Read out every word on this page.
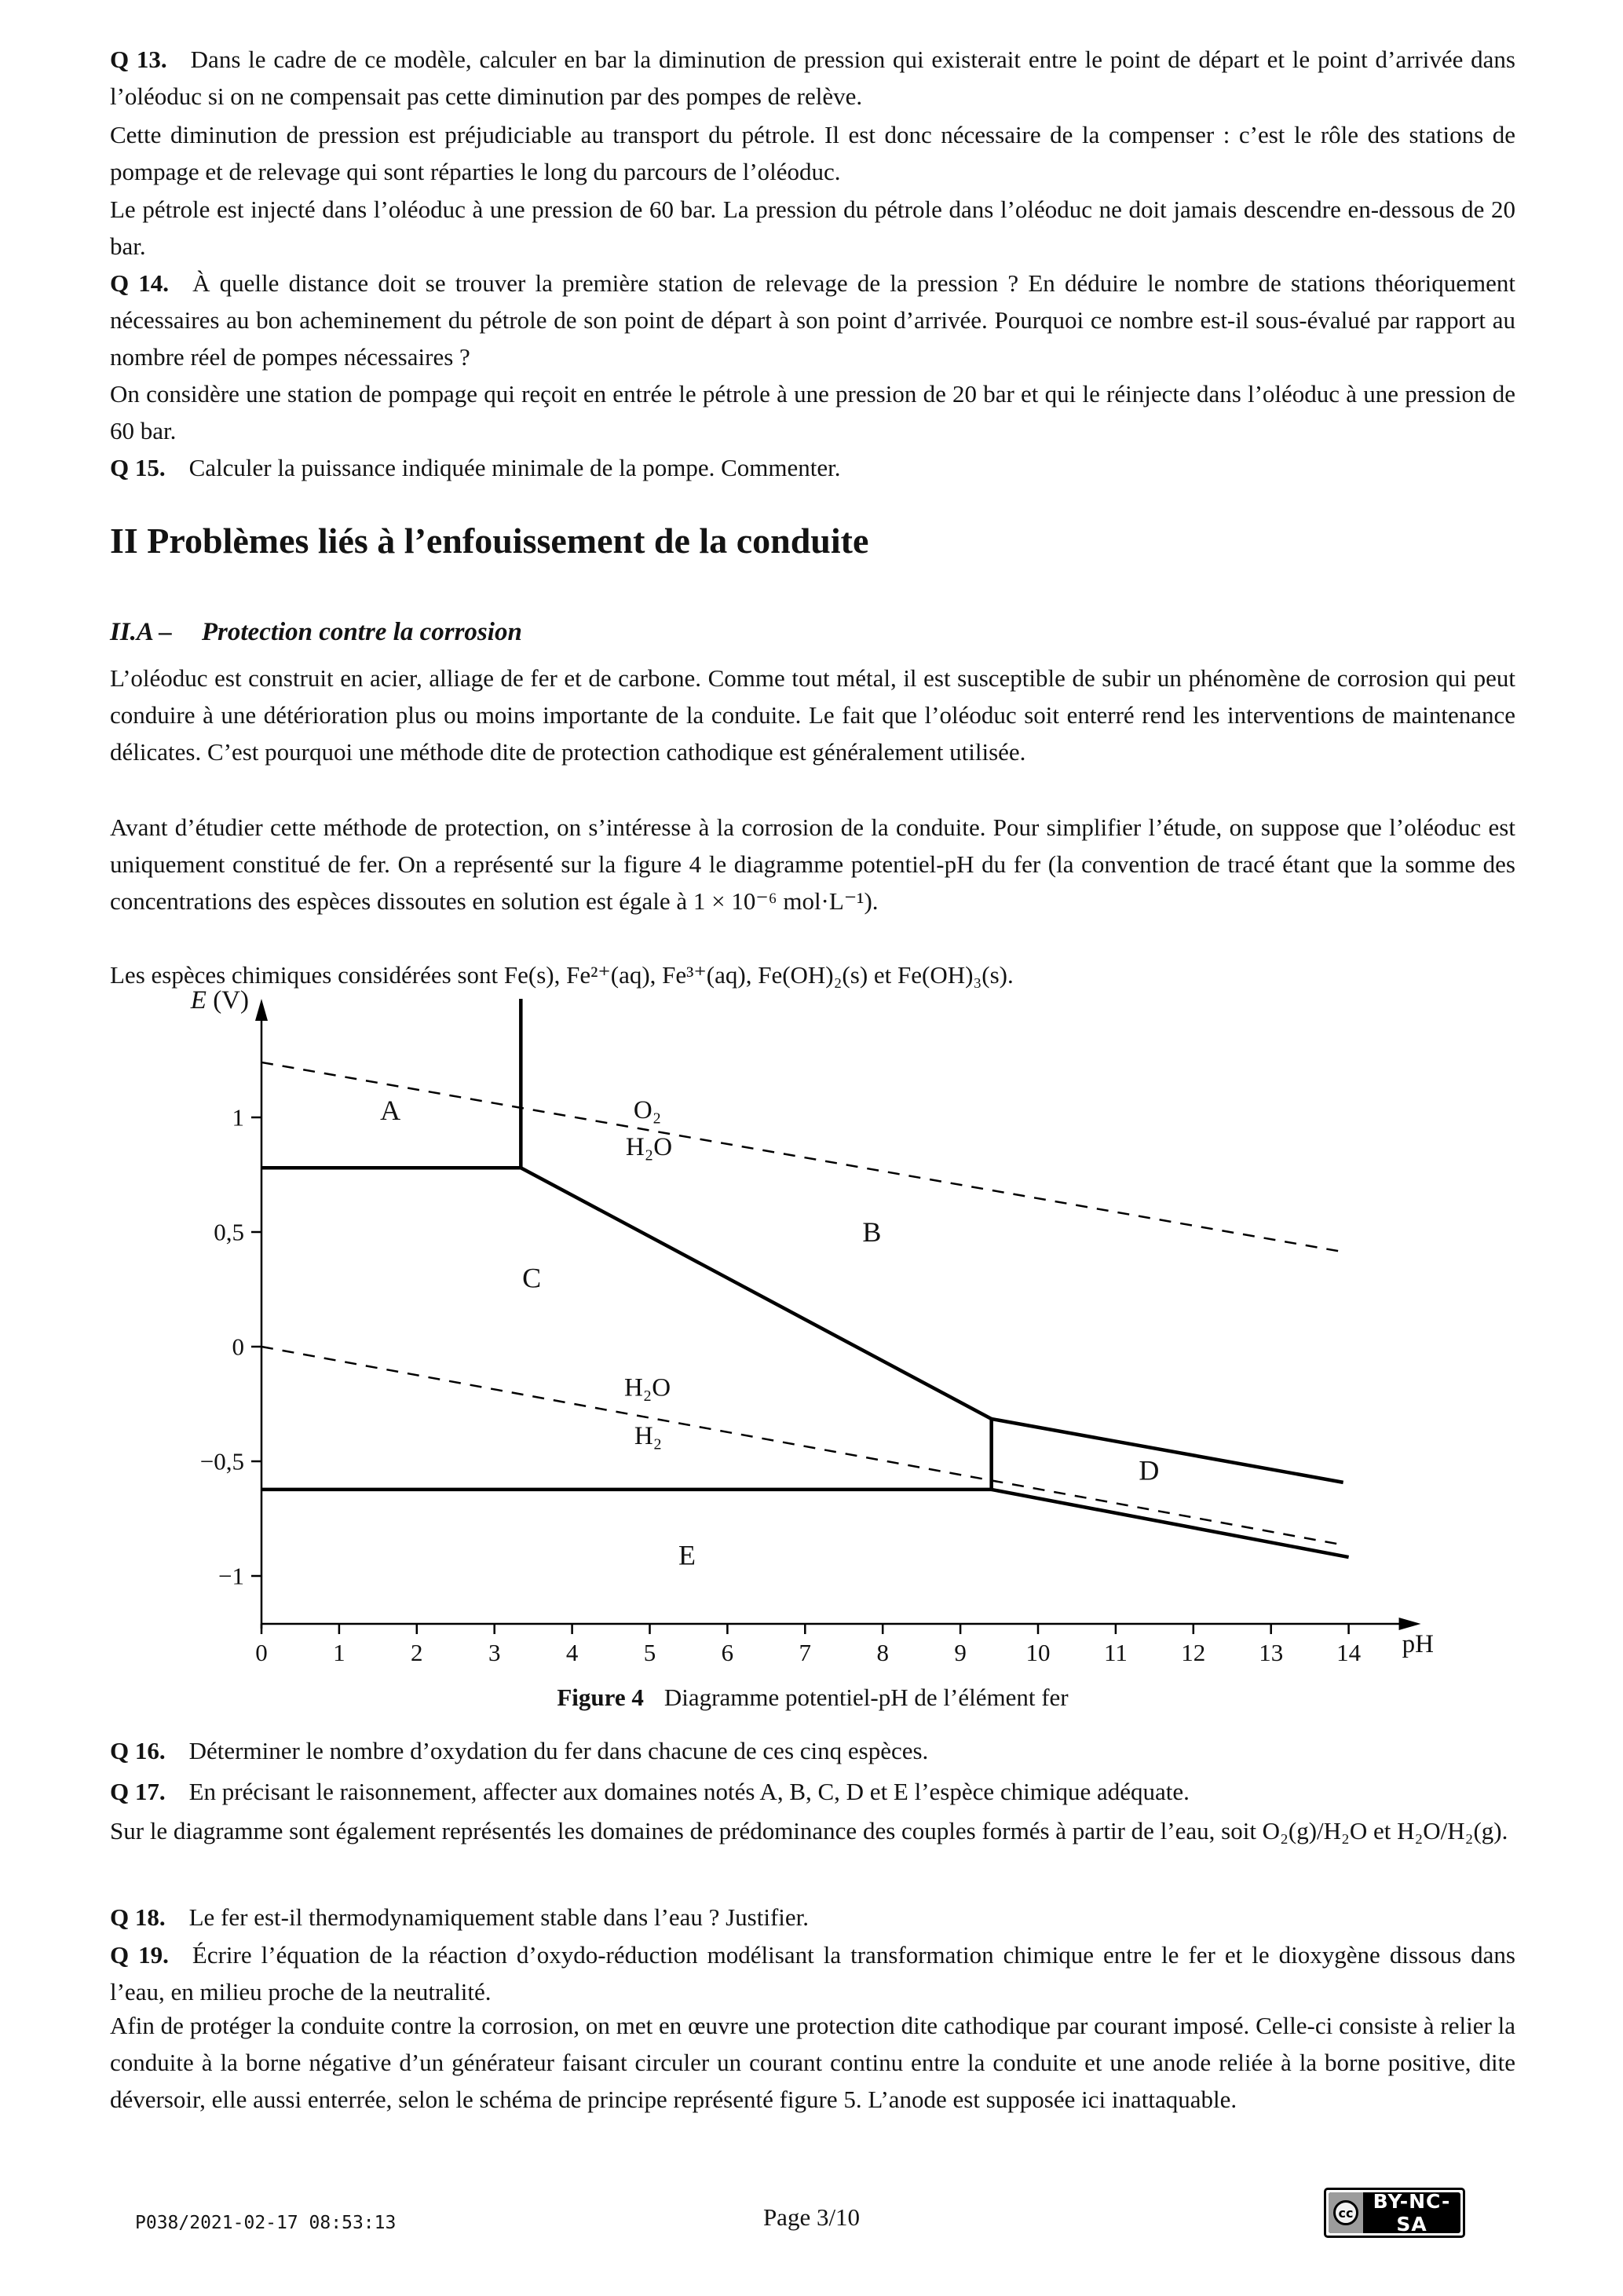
Q 13. Dans le cadre de ce modèle, calculer en bar la diminution de pression qui existerait entre le point de départ et le point d’arrivée dans l’oléoduc si on ne compensait pas cette diminution par des pompes de relève.

Cette diminution de pression est préjudiciable au transport du pétrole. Il est donc nécessaire de la compenser : c’est le rôle des stations de pompage et de relevage qui sont réparties le long du parcours de l’oléoduc.

Le pétrole est injecté dans l’oléoduc à une pression de 60 bar. La pression du pétrole dans l’oléoduc ne doit jamais descendre en-dessous de 20 bar.

Q 14. À quelle distance doit se trouver la première station de relevage de la pression ? En déduire le nombre de stations théoriquement nécessaires au bon acheminement du pétrole de son point de départ à son point d’arrivée. Pourquoi ce nombre est-il sous-évalué par rapport au nombre réel de pompes nécessaires ?

On considère une station de pompage qui reçoit en entrée le pétrole à une pression de 20 bar et qui le réinjecte dans l’oléoduc à une pression de 60 bar.

Q 15. Calculer la puissance indiquée minimale de la pompe. Commenter.

II Problèmes liés à l’enfouissement de la conduite
II.A – Protection contre la corrosion

L’oléoduc est construit en acier, alliage de fer et de carbone. Comme tout métal, il est susceptible de subir un phénomène de corrosion qui peut conduire à une détérioration plus ou moins importante de la conduite. Le fait que l’oléoduc soit enterré rend les interventions de maintenance délicates. C’est pourquoi une méthode dite de protection cathodique est généralement utilisée.

Avant d’étudier cette méthode de protection, on s’intéresse à la corrosion de la conduite. Pour simplifier l’étude, on suppose que l’oléoduc est uniquement constitué de fer. On a représenté sur la figure 4 le diagramme potentiel-pH du fer (la convention de tracé étant que la somme des concentrations des espèces dissoutes en solution est égale à 1 × 10⁻⁶ mol·L⁻¹).

Les espèces chimiques considérées sont Fe(s), Fe²⁺(aq), Fe³⁺(aq), Fe(OH)₂(s) et Fe(OH)₃(s).

0	1	2	3	4	5	6	7	8	9 10 11 12 13 14
1
0,5
0
−0,5
−1
E (V)
pH
A
B
C
D
E
O₂
H₂O
H₂O
H₂

Figure 4 Diagramme potentiel-pH de l’élément fer

Q 16. Déterminer le nombre d’oxydation du fer dans chacune de ces cinq espèces.

Q 17. En précisant le raisonnement, affecter aux domaines notés A, B, C, D et E l’espèce chimique adéquate.

Sur le diagramme sont également représentés les domaines de prédominance des couples formés à partir de l’eau, soit O₂(g)/H₂O et H₂O/H₂(g).

Q 18. Le fer est-il thermodynamiquement stable dans l’eau ? Justifier.

Q 19. Écrire l’équation de la réaction d’oxydo-réduction modélisant la transformation chimique entre le fer et le dioxygène dissous dans l’eau, en milieu proche de la neutralité.

Afin de protéger la conduite contre la corrosion, on met en œuvre une protection dite cathodique par courant imposé. Celle-ci consiste à relier la conduite à la borne négative d’un générateur faisant circuler un courant continu entre la conduite et une anode reliée à la borne positive, dite déversoir, elle aussi enterrée, selon le schéma de principe représenté figure 5. L’anode est supposée ici inattaquable.

P038/2021-02-17 08:53:13	Page 3/10	cc	BY-NC-SA
